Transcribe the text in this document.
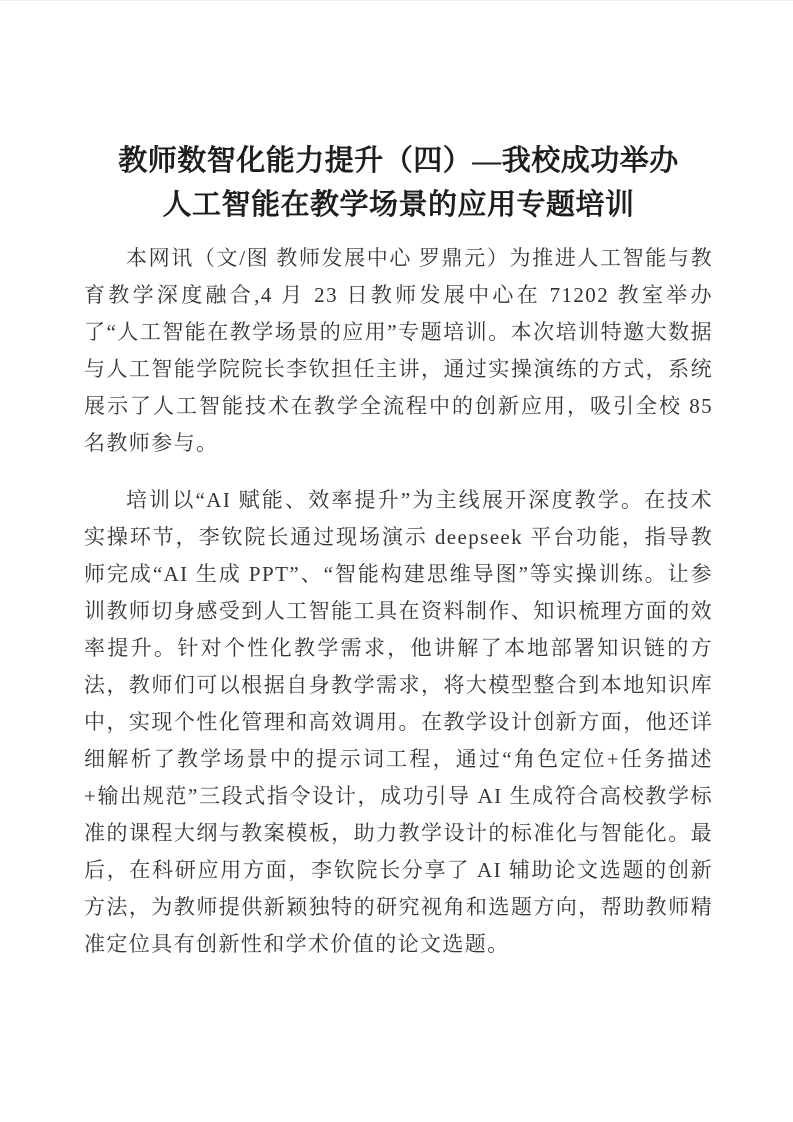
教师数智化能力提升（四）—我校成功举办
人工智能在教学场景的应用专题培训

本网讯（文/图 教师发展中心 罗鼎元）为推进人工智能与教育教学深度融合,4 月 23 日教师发展中心在 71202 教室举办了“人工智能在教学场景的应用”专题培训。本次培训特邀大数据与人工智能学院院长李钦担任主讲，通过实操演练的方式，系统展示了人工智能技术在教学全流程中的创新应用，吸引全校 85 名教师参与。

培训以“AI 赋能、效率提升”为主线展开深度教学。在技术实操环节，李钦院长通过现场演示 deepseek 平台功能，指导教师完成“AI 生成 PPT”、“智能构建思维导图”等实操训练。让参训教师切身感受到人工智能工具在资料制作、知识梳理方面的效率提升。针对个性化教学需求，他讲解了本地部署知识链的方法，教师们可以根据自身教学需求，将大模型整合到本地知识库中，实现个性化管理和高效调用。在教学设计创新方面，他还详细解析了教学场景中的提示词工程，通过“角色定位+任务描述+输出规范”三段式指令设计，成功引导 AI 生成符合高校教学标准的课程大纲与教案模板，助力教学设计的标准化与智能化。最后，在科研应用方面，李钦院长分享了 AI 辅助论文选题的创新方法，为教师提供新颖独特的研究视角和选题方向，帮助教师精准定位具有创新性和学术价值的论文选题。
